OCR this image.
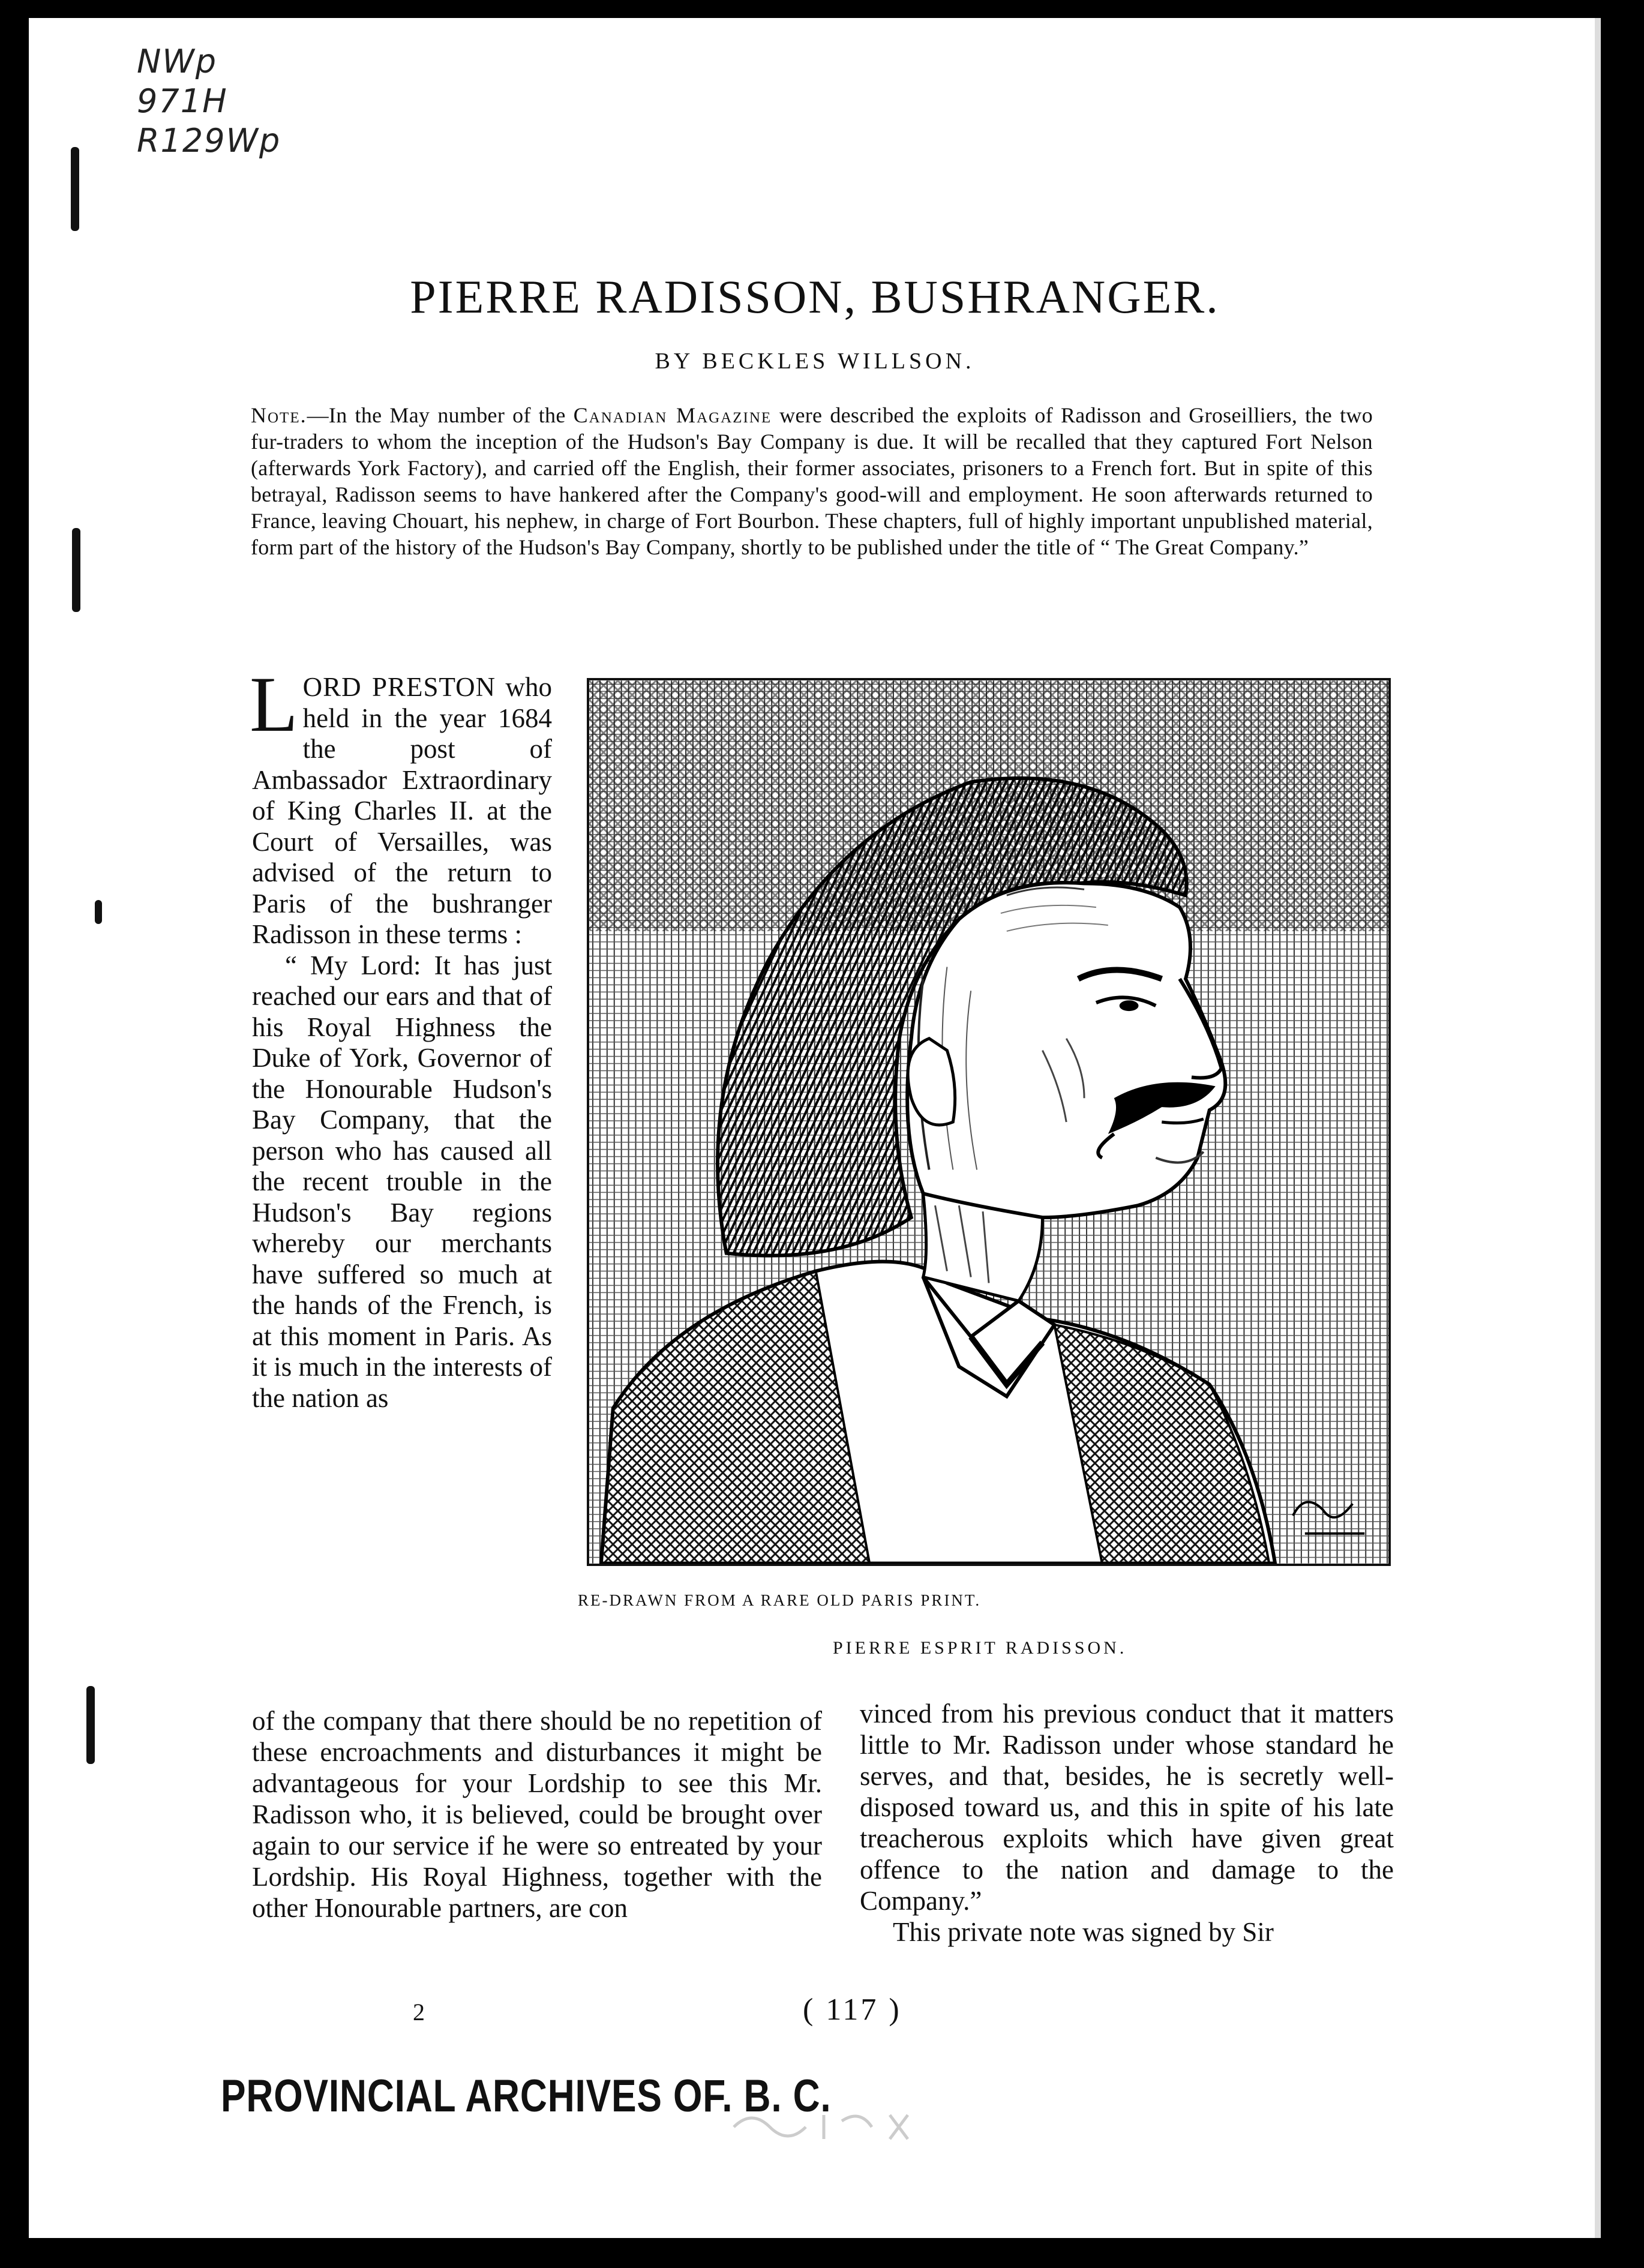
NWp
971H
R129Wp
PIERRE RADISSON, BUSHRANGER.
BY BECKLES WILLSON.
Note.—In the May number of the Canadian Magazine were described the exploits of Radisson and Groseilliers, the two fur-traders to whom the inception of the Hudson's Bay Company is due. It will be recalled that they captured Fort Nelson (afterwards York Factory), and carried off the English, their former associates, prisoners to a French fort. But in spite of this betrayal, Radisson seems to have hankered after the Company's good-will and employment. He soon afterwards returned to France, leaving Chouart, his nephew, in charge of Fort Bourbon. These chapters, full of highly important unpublished material, form part of the history of the Hudson's Bay Company, shortly to be published under the title of “ The Great Company.”
LORD PRESTON who held in the year 1684 the post of Ambassador Extraordinary of King Charles II. at the Court of Versailles, was advised of the return to Paris of the bushranger Radisson in these terms :
“ My Lord: It has just reached our ears and that of his Royal Highness the Duke of York, Governor of the Honourable Hudson's Bay Company, that the person who has caused all the recent trouble in the Hudson's Bay regions whereby our merchants have suffered so much at the hands of the French, is at this moment in Paris. As it is much in the interests of the nation as
RE-DRAWN FROM A RARE OLD PARIS PRINT.
PIERRE ESPRIT RADISSON.
of the company that there should be no repetition of these encroachments and disturbances it might be advantageous for your Lordship to see this Mr. Radisson who, it is believed, could be brought over again to our service if he were so entreated by your Lordship. His Royal Highness, together with the other Honourable partners, are con
vinced from his previous conduct that it matters little to Mr. Radisson under whose standard he serves, and that, besides, he is secretly well-disposed toward us, and this in spite of his late treacherous exploits which have given great offence to the nation and damage to the Company.”
This private note was signed by Sir
2	( 117 )
PROVINCIAL ARCHIVES OF. B. C.
